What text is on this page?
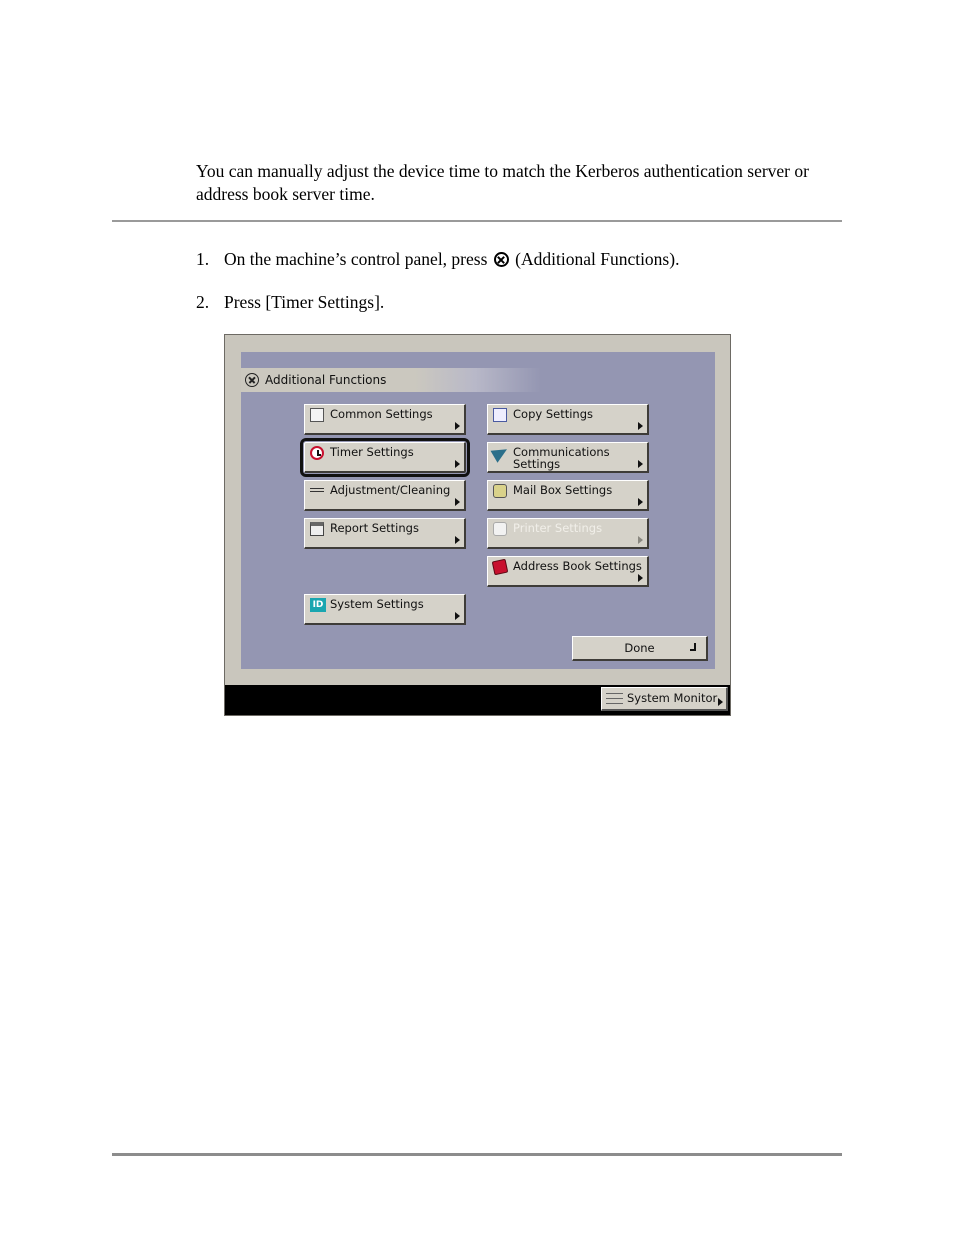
You can manually adjust the device time to match the Kerberos authentication server or address book server time.

1. On the machine’s control panel, press (Additional Functions).
2. Press [Timer Settings].
Additional Functions
Common Settings
Timer Settings
Adjustment/Cleaning
Report Settings
ID System Settings
Copy Settings
Communications Settings
Mail Box Settings
Printer Settings
Address Book Settings
Done
System Monitor
